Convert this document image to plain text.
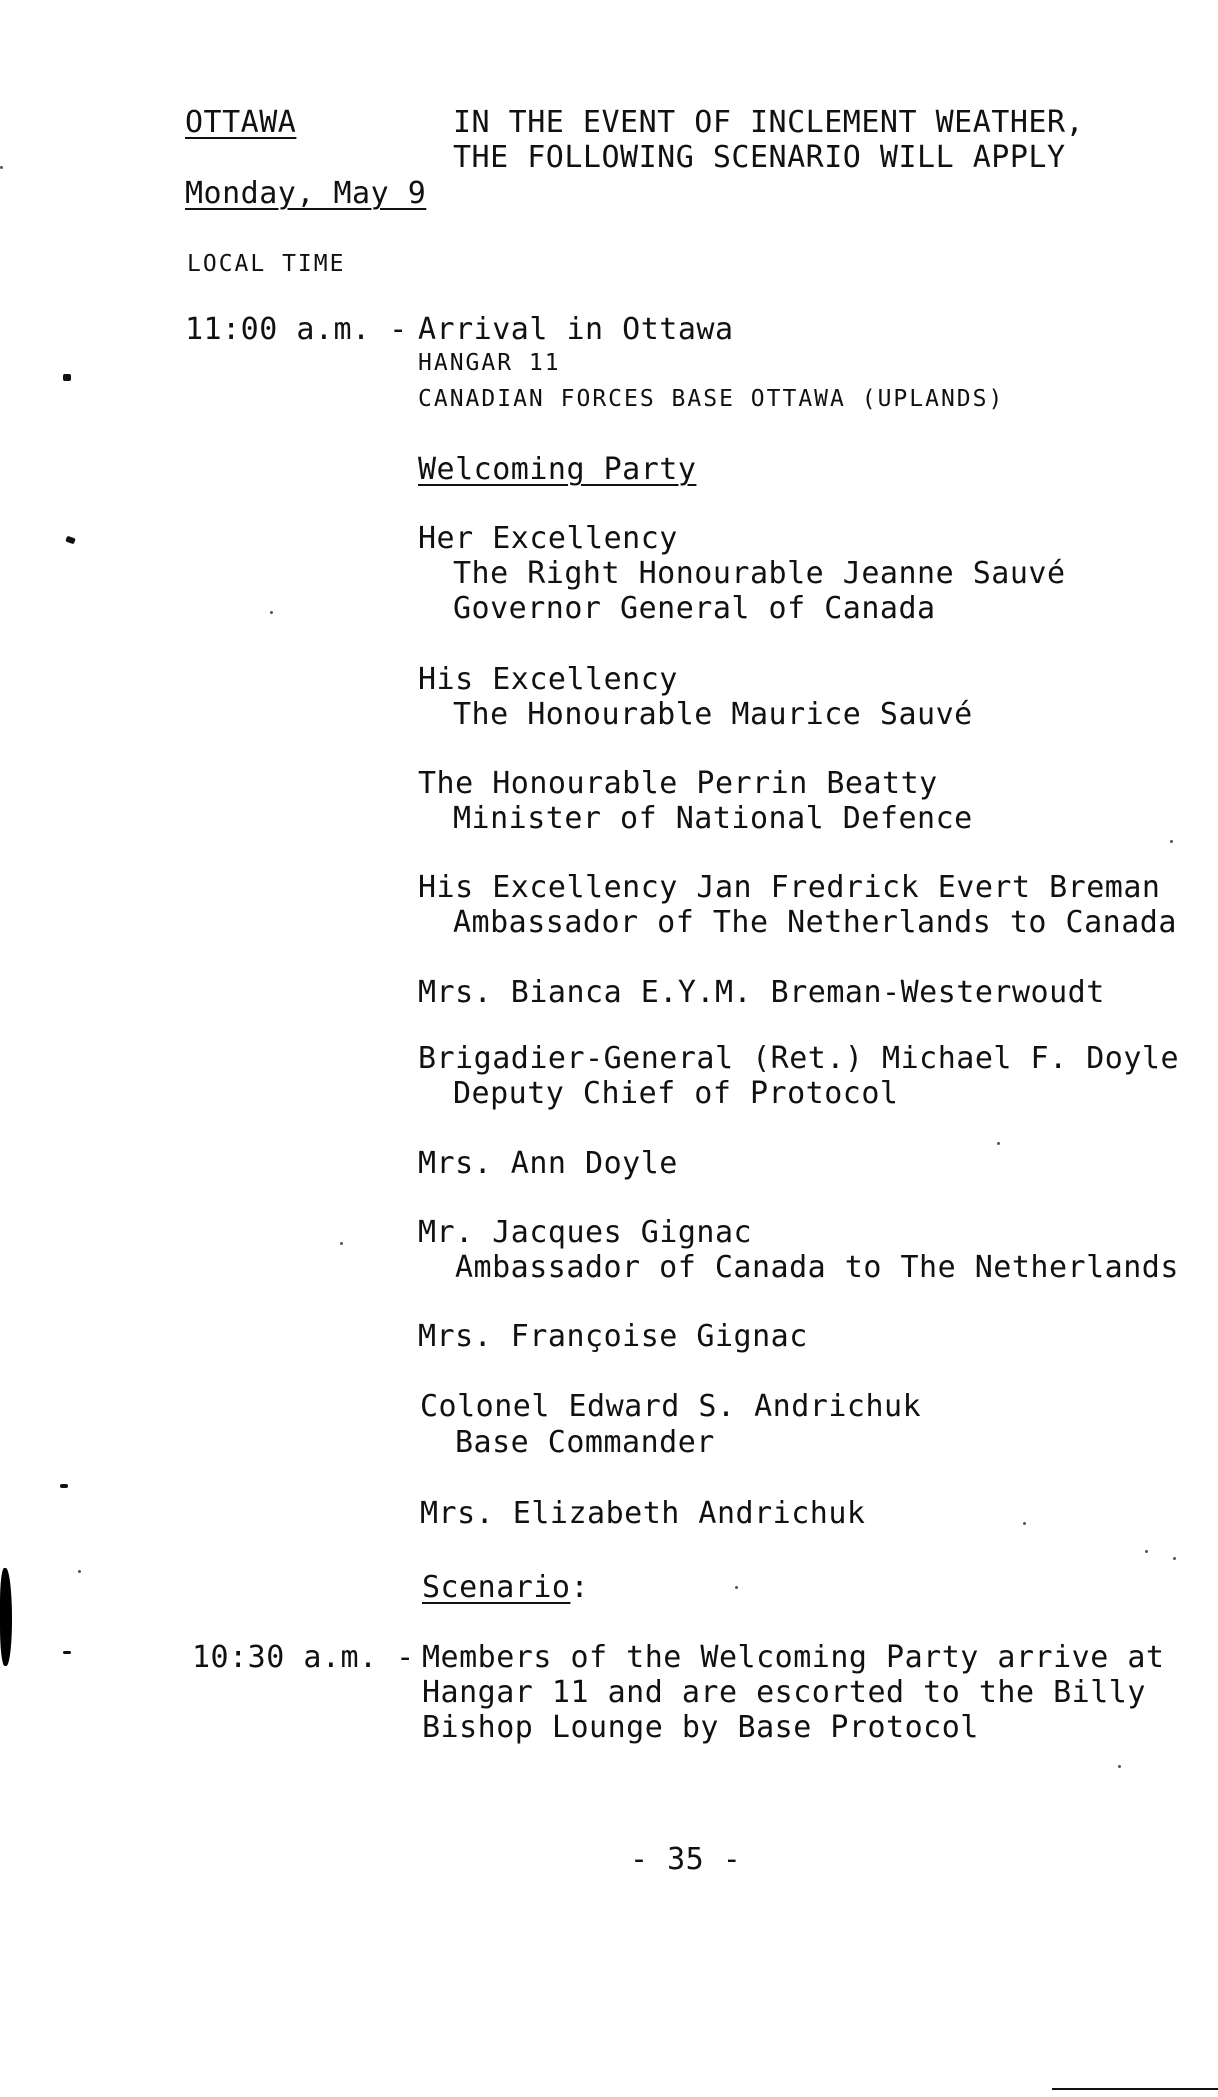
OTTAWA	IN THE EVENT OF INCLEMENT WEATHER,
THE FOLLOWING SCENARIO WILL APPLY
Monday, May 9
LOCAL TIME
11:00 a.m. - Arrival in Ottawa
HANGAR 11
CANADIAN FORCES BASE OTTAWA (UPLANDS)
Welcoming Party
Her Excellency
The Right Honourable Jeanne Sauvé
Governor General of Canada
His Excellency
The Honourable Maurice Sauvé
The Honourable Perrin Beatty
Minister of National Defence
His Excellency Jan Fredrick Evert Breman
Ambassador of The Netherlands to Canada
Mrs. Bianca E.Y.M. Breman-Westerwoudt
Brigadier-General (Ret.) Michael F. Doyle
Deputy Chief of Protocol
Mrs. Ann Doyle
Mr. Jacques Gignac
Ambassador of Canada to The Netherlands
Mrs. Françoise Gignac
Colonel Edward S. Andrichuk
Base Commander
Mrs. Elizabeth Andrichuk
Scenario:
10:30 a.m. - Members of the Welcoming Party arrive at
Hangar 11 and are escorted to the Billy
Bishop Lounge by Base Protocol
- 35 -
